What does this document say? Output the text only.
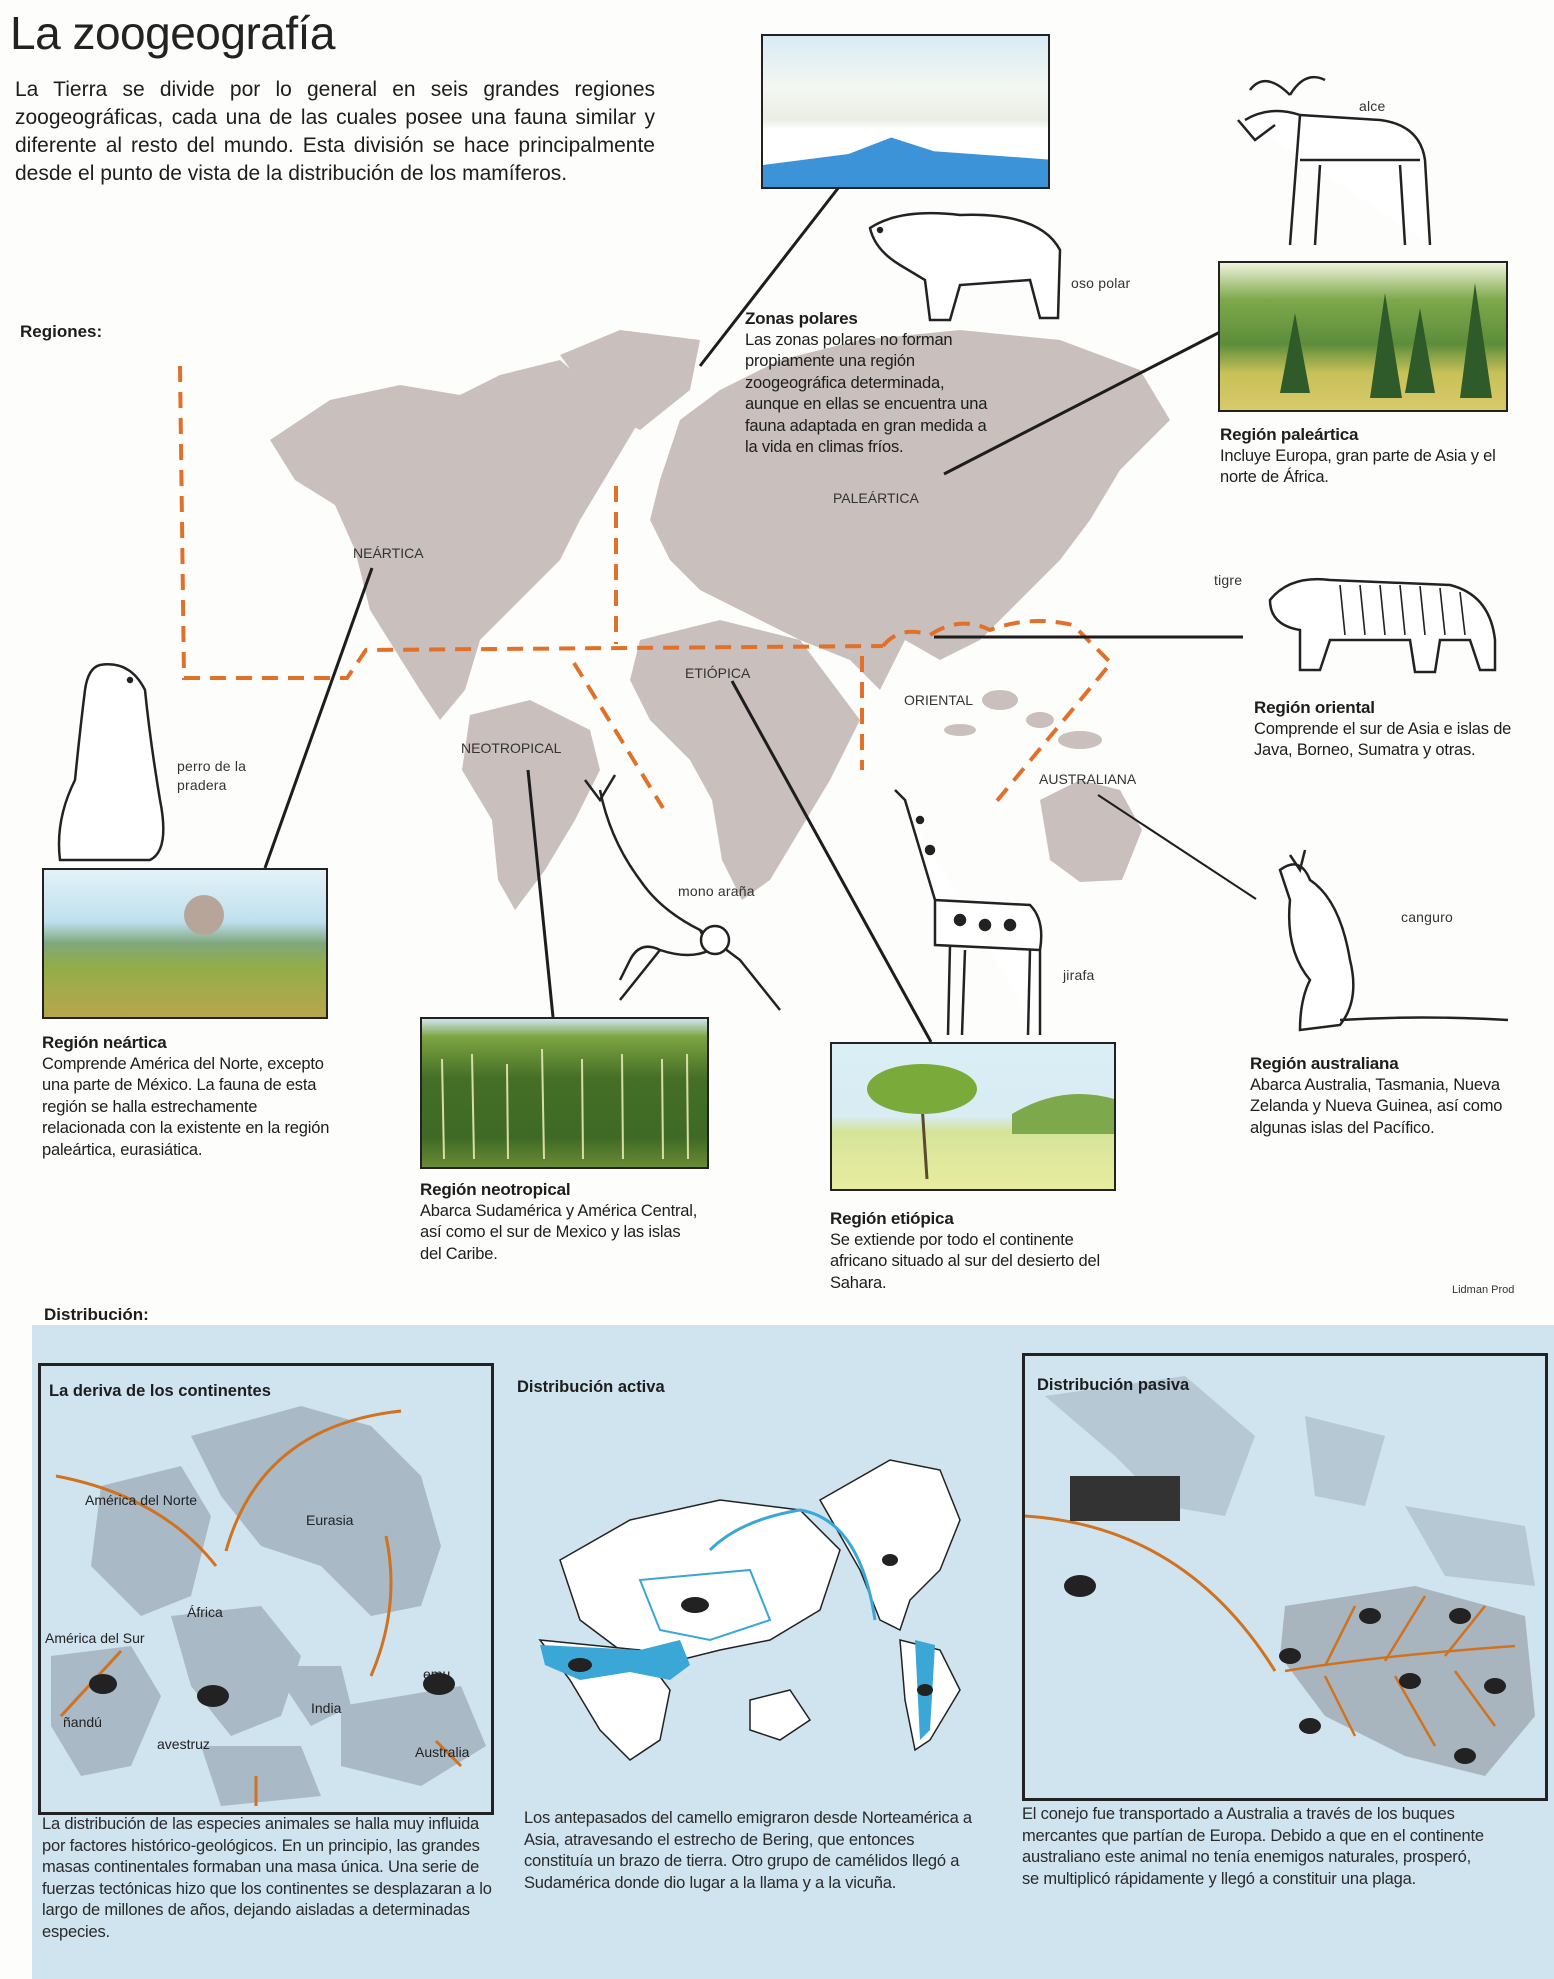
La zoogeografía

La Tierra se divide por lo general en seis grandes regiones zoogeográficas, cada una de las cuales posee una fauna similar y diferente al resto del mundo. Esta división se hace principalmente desde el punto de vista de la distribución de los mamíferos.

Regiones:
NEÁRTICA
PALEÁRTICA
NEOTROPICAL
ETIÓPICA
ORIENTAL
AUSTRALIANA
oso polar
alce
tigre
perro de la pradera
mono araña
jirafa
canguro
Zonas polares
Las zonas polares no forman propiamente una región zoogeográfica determinada, aunque en ellas se encuentra una fauna adaptada en gran medida a la vida en climas fríos.
Región paleártica
Incluye Europa, gran parte de Asia y el norte de África.
Región oriental
Comprende el sur de Asia e islas de Java, Borneo, Sumatra y otras.
Región neártica
Comprende América del Norte, excepto una parte de México. La fauna de esta región se halla estrechamente relacionada con la existente en la región paleártica, eurasiática.
Región neotropical
Abarca Sudamérica y América Central, así como el sur de Mexico y las islas del Caribe.
Región etiópica
Se extiende por todo el continente africano situado al sur del desierto del Sahara.
Región australiana
Abarca Australia, Tasmania, Nueva Zelanda y Nueva Guinea, así como algunas islas del Pacífico.
Lidman Prod
Distribución:
La deriva de los continentes
América del Norte
Eurasia
África
América del Sur
ñandú
avestruz
India
emu
Australia
La distribución de las especies animales se halla muy influida por factores histórico-geológicos. En un principio, las grandes masas continentales formaban una masa única. Una serie de fuerzas tectónicas hizo que los continentes se desplazaran a lo largo de millones de años, dejando aisladas a determinadas especies.
Distribución activa
Los antepasados del camello emigraron desde Norteamérica a Asia, atravesando el estrecho de Bering, que entonces constituía un brazo de tierra. Otro grupo de camélidos llegó a Sudamérica donde dio lugar a la llama y a la vicuña.
Distribución pasiva
El conejo fue transportado a Australia a través de los buques mercantes que partían de Europa. Debido a que en el continente australiano este animal no tenía enemigos naturales, prosperó, se multiplicó rápidamente y llegó a constituir una plaga.
